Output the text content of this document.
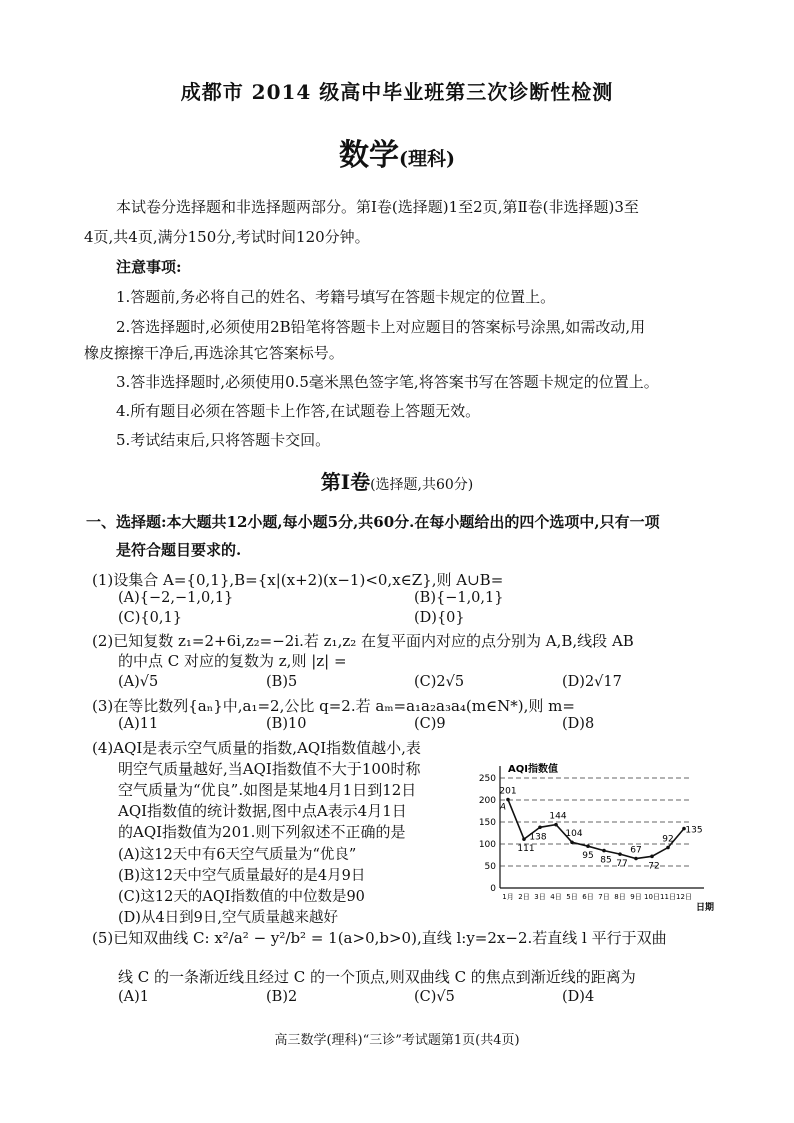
成都市 2014 级高中毕业班第三次诊断性检测
数学(理科)
本试卷分选择题和非选择题两部分。第Ⅰ卷(选择题)1至2页,第Ⅱ卷(非选择题)3至
4页,共4页,满分150分,考试时间120分钟。
注意事项:
1.答题前,务必将自己的姓名、考籍号填写在答题卡规定的位置上。
2.答选择题时,必须使用2B铅笔将答题卡上对应题目的答案标号涂黑,如需改动,用
橡皮擦擦干净后,再选涂其它答案标号。
3.答非选择题时,必须使用0.5毫米黑色签字笔,将答案书写在答题卡规定的位置上。
4.所有题目必须在答题卡上作答,在试题卷上答题无效。
5.考试结束后,只将答题卡交回。
第Ⅰ卷(选择题,共60分)
一、选择题:本大题共12小题,每小题5分,共60分.在每小题给出的四个选项中,只有一项
是符合题目要求的.
(1)设集合 A={0,1},B={x|(x+2)(x−1)<0,x∈Z},则 A∪B=
(A){−2,−1,0,1}	(B){−1,0,1}
(C){0,1}	(D){0}
(2)已知复数 z₁=2+6i,z₂=−2i.若 z₁,z₂ 在复平面内对应的点分别为 A,B,线段 AB
的中点 C 对应的复数为 z,则 |z| =
(A)√5	(B)5	(C)2√5	(D)2√17
(3)在等比数列{aₙ}中,a₁=2,公比 q=2.若 aₘ=a₁a₂a₃a₄(m∈N*),则 m=
(A)11	(B)10	(C)9	(D)8
(4)AQI是表示空气质量的指数,AQI指数值越小,表
明空气质量越好,当AQI指数值不大于100时称
空气质量为“优良”.如图是某地4月1日到12日
AQI指数值的统计数据,图中点A表示4月1日
的AQI指数值为201.则下列叙述不正确的是
(A)这12天中有6天空气质量为“优良”
(B)这12天中空气质量最好的是4月9日
(C)这12天的AQI指数值的中位数是90
(D)从4日到9日,空气质量越来越好
AQI指数值
日期
0
50
100
150
200
250
1月 2日 3日 4日 5日 6日 7日 8日 9日 10日 11日 12日
201
111
138
144
104
95 85 77
67
72
92
135
A
(5)已知双曲线 C: x²/a² − y²/b² = 1(a>0,b>0),直线 l:y=2x−2.若直线 l 平行于双曲
线 C 的一条渐近线且经过 C 的一个顶点,则双曲线 C 的焦点到渐近线的距离为
(A)1	(B)2	(C)√5	(D)4
高三数学(理科)“三诊”考试题第1页(共4页)
